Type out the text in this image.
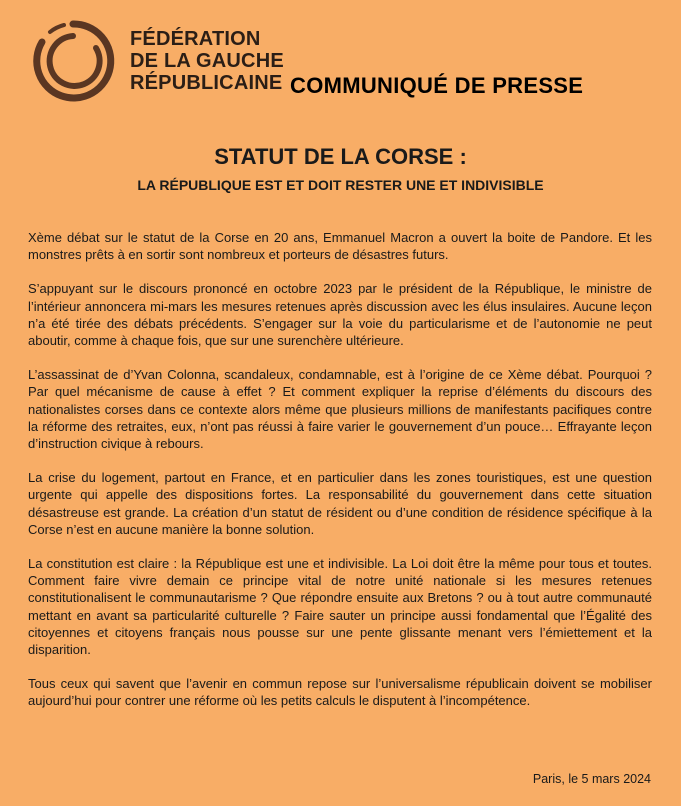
FÉDÉRATION
DE LA GAUCHE
RÉPUBLICAINE COMMUNIQUÉ DE PRESSE
STATUT DE LA CORSE :
LA RÉPUBLIQUE EST ET DOIT RESTER UNE ET INDIVISIBLE

Xème débat sur le statut de la Corse en 20 ans, Emmanuel Macron a ouvert la boite de Pandore. Et les monstres prêts à en sortir sont nombreux et porteurs de désastres futurs.

S’appuyant sur le discours prononcé en octobre 2023 par le président de la République, le ministre de l’intérieur annoncera mi-mars les mesures retenues après discussion avec les élus insulaires. Aucune leçon n’a été tirée des débats précédents. S’engager sur la voie du particularisme et de l’autonomie ne peut aboutir, comme à chaque fois, que sur une surenchère ultérieure.

L’assassinat de d’Yvan Colonna, scandaleux, condamnable, est à l’origine de ce Xème débat. Pourquoi ? Par quel mécanisme de cause à effet ? Et comment expliquer la reprise d’éléments du discours des nationalistes corses dans ce contexte alors même que plusieurs millions de manifestants pacifiques contre la réforme des retraites, eux, n’ont pas réussi à faire varier le gouvernement d’un pouce… Effrayante leçon d’instruction civique à rebours.

La crise du logement, partout en France, et en particulier dans les zones touristiques, est une question urgente qui appelle des dispositions fortes. La responsabilité du gouvernement dans cette situation désastreuse est grande. La création d’un statut de résident ou d’une condition de résidence spécifique à la Corse n’est en aucune manière la bonne solution.

La constitution est claire : la République est une et indivisible. La Loi doit être la même pour tous et toutes. Comment faire vivre demain ce principe vital de notre unité nationale si les mesures retenues constitutionalisent le communautarisme ? Que répondre ensuite aux Bretons ? ou à tout autre communauté mettant en avant sa particularité culturelle ? Faire sauter un principe aussi fondamental que l’Égalité des citoyennes et citoyens français nous pousse sur une pente glissante menant vers l’émiettement et la disparition.

Tous ceux qui savent que l’avenir en commun repose sur l’universalisme républicain doivent se mobiliser aujourd’hui pour contrer une réforme où les petits calculs le disputent à l’incompétence.

Paris, le 5 mars 2024
